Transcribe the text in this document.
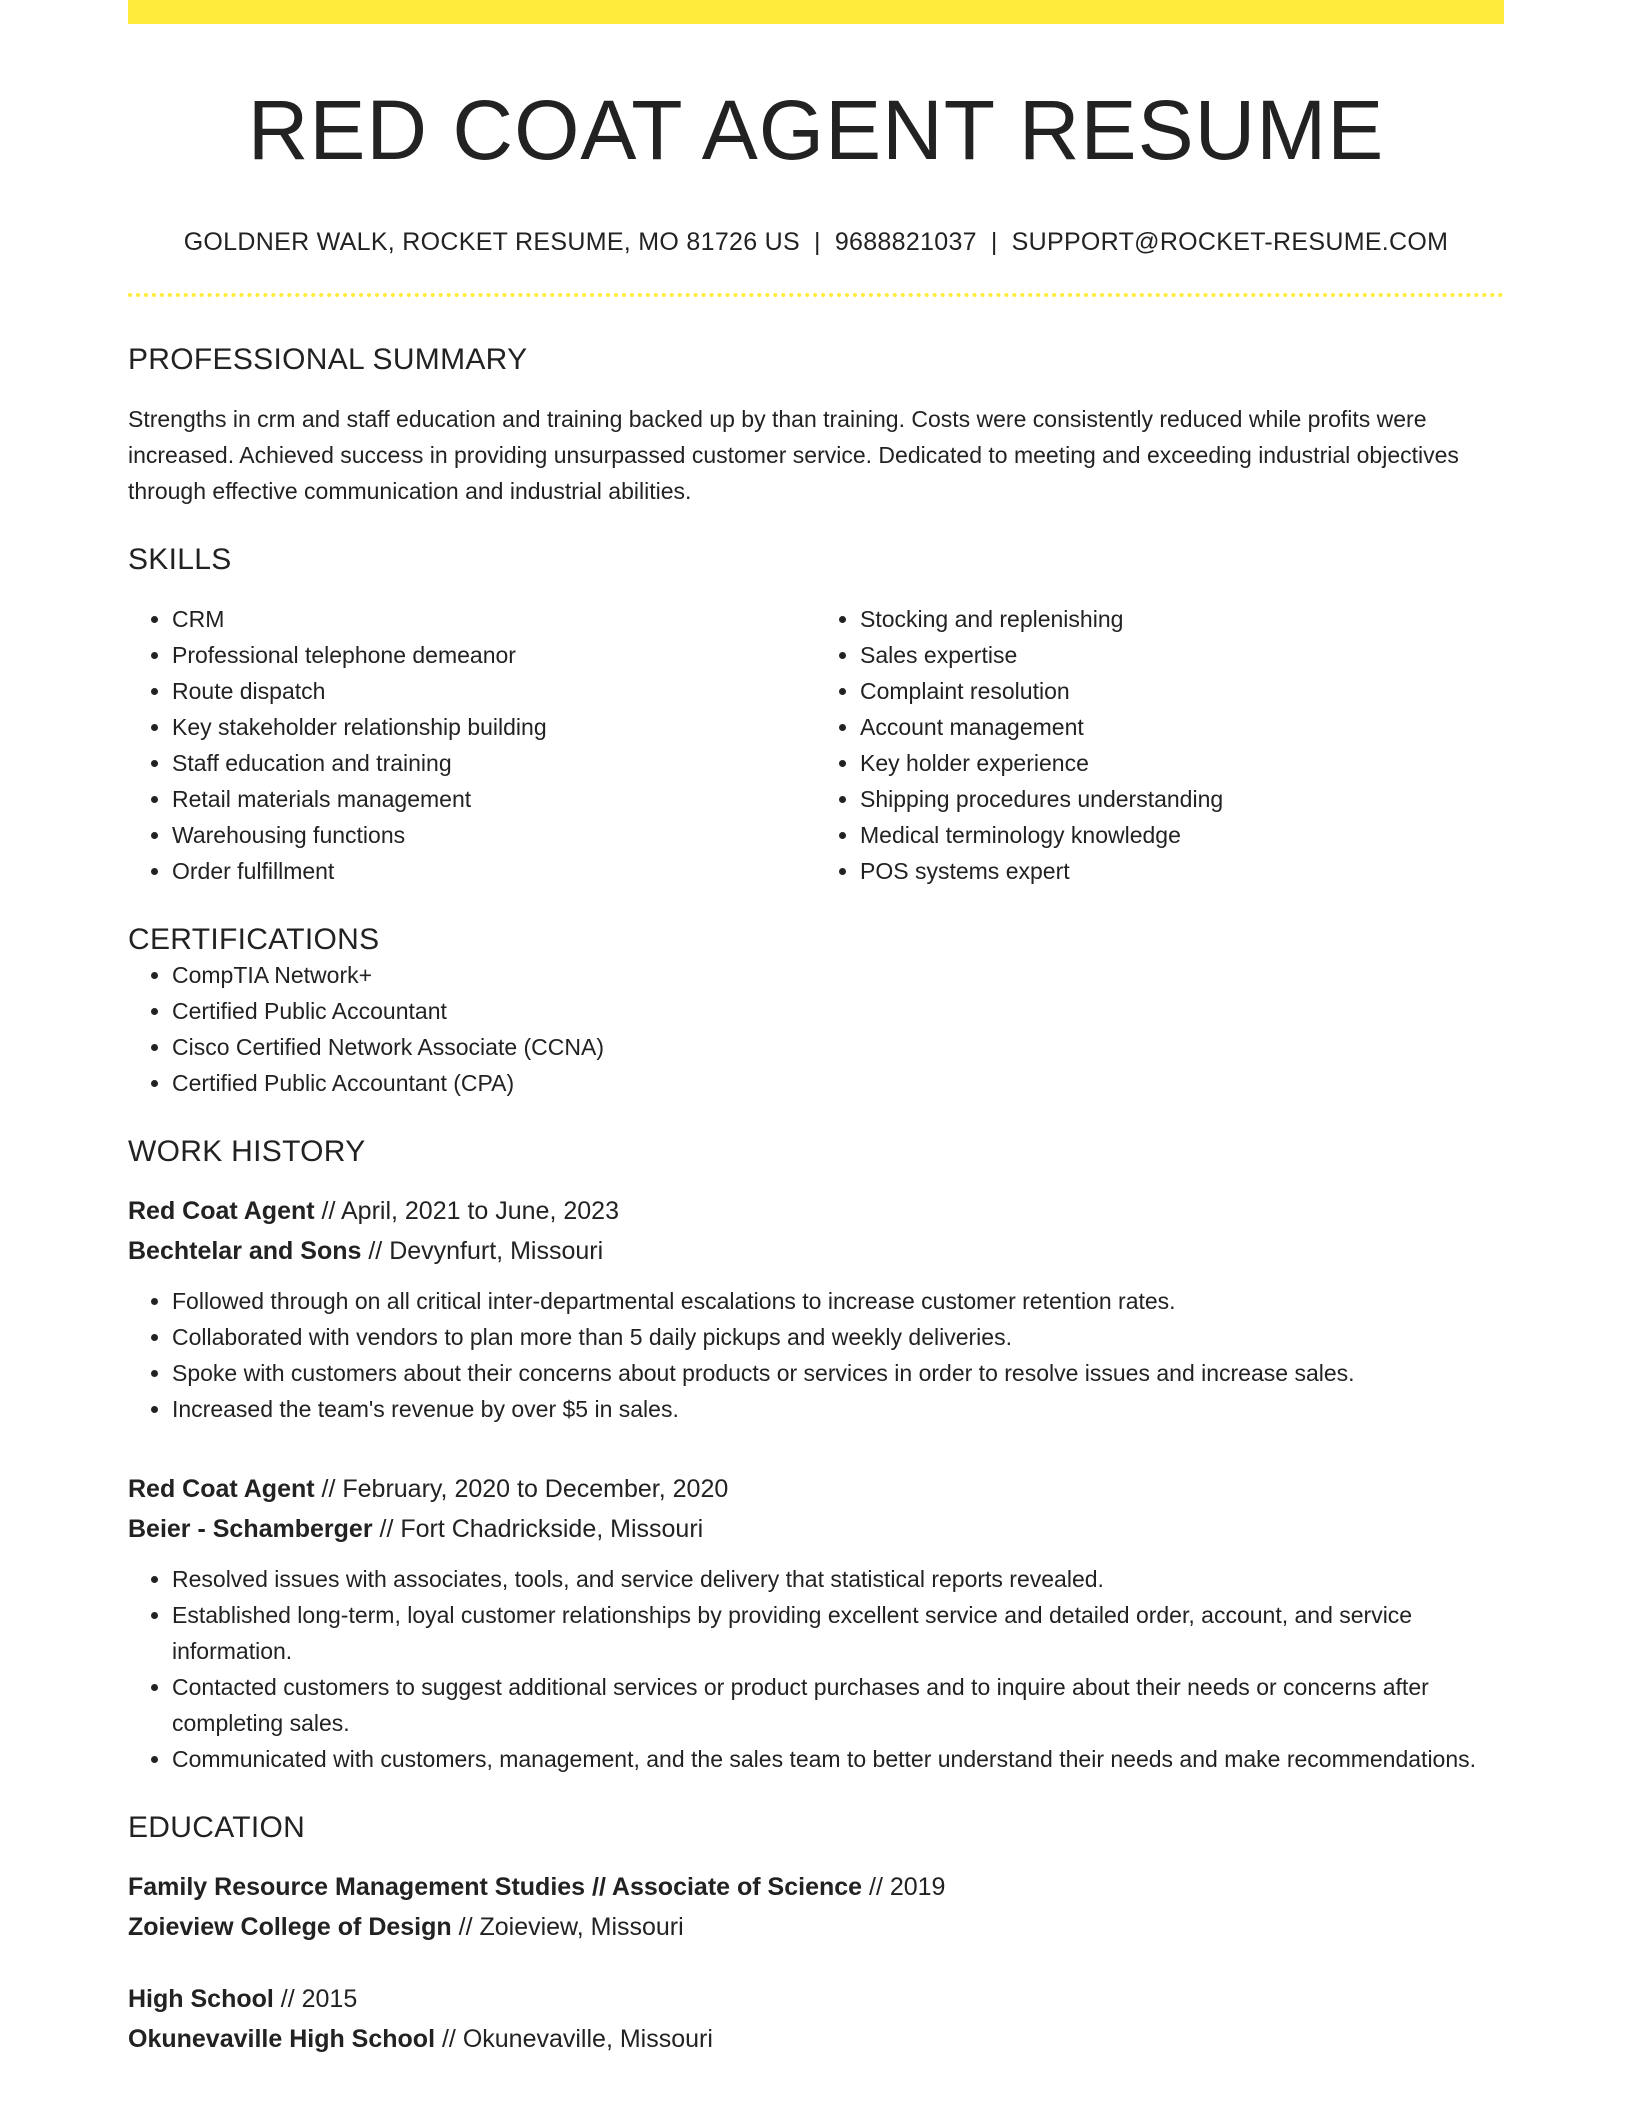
RED COAT AGENT RESUME
GOLDNER WALK, ROCKET RESUME, MO 81726 US | 9688821037 | SUPPORT@ROCKET-RESUME.COM
PROFESSIONAL SUMMARY

Strengths in crm and staff education and training backed up by than training. Costs were consistently reduced while profits were increased. Achieved success in providing unsurpassed customer service. Dedicated to meeting and exceeding industrial objectives through effective communication and industrial abilities.

SKILLS
• CRM
• Professional telephone demeanor
• Route dispatch
• Key stakeholder relationship building
• Staff education and training
• Retail materials management
• Warehousing functions
• Order fulfillment
• Stocking and replenishing
• Sales expertise
• Complaint resolution
• Account management
• Key holder experience
• Shipping procedures understanding
• Medical terminology knowledge
• POS systems expert
CERTIFICATIONS
• CompTIA Network+
• Certified Public Accountant
• Cisco Certified Network Associate (CCNA)
• Certified Public Accountant (CPA)
WORK HISTORY
Red Coat Agent // April, 2021 to June, 2023
Bechtelar and Sons // Devynfurt, Missouri
• Followed through on all critical inter-departmental escalations to increase customer retention rates.
• Collaborated with vendors to plan more than 5 daily pickups and weekly deliveries.
• Spoke with customers about their concerns about products or services in order to resolve issues and increase sales.
• Increased the team's revenue by over $5 in sales.
Red Coat Agent // February, 2020 to December, 2020
Beier - Schamberger // Fort Chadrickside, Missouri
• Resolved issues with associates, tools, and service delivery that statistical reports revealed.
• Established long-term, loyal customer relationships by providing excellent service and detailed order, account, and service information.
• Contacted customers to suggest additional services or product purchases and to inquire about their needs or concerns after completing sales.
• Communicated with customers, management, and the sales team to better understand their needs and make recommendations.
EDUCATION
Family Resource Management Studies // Associate of Science // 2019
Zoieview College of Design // Zoieview, Missouri
High School // 2015
Okunevaville High School // Okunevaville, Missouri
